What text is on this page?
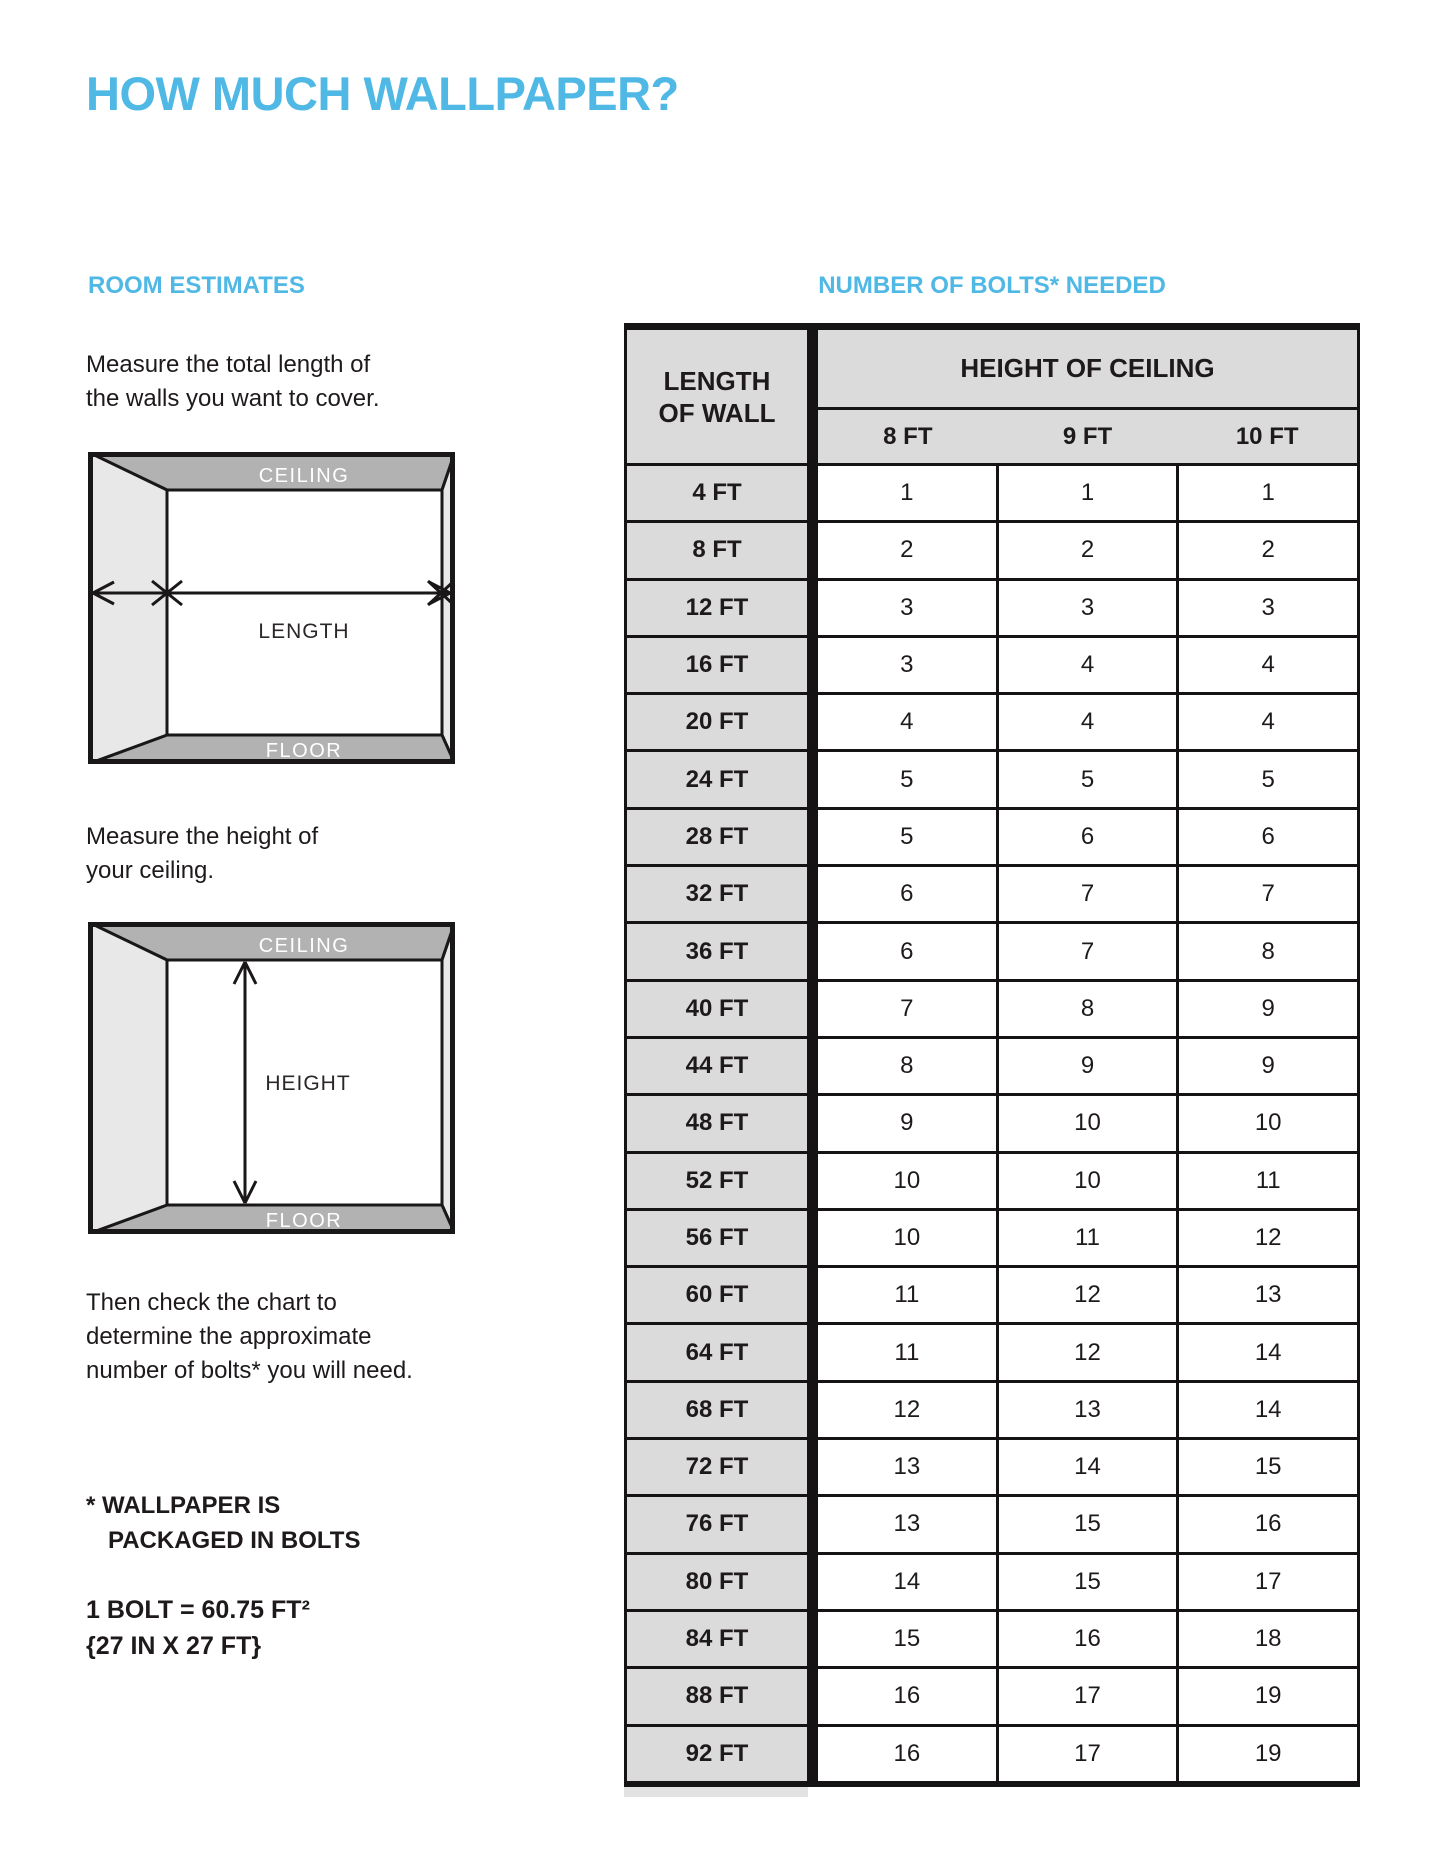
HOW MUCH WALLPAPER?
ROOM ESTIMATES	NUMBER OF BOLTS* NEEDED
Measure the total length of
the walls you want to cover.
CEILING
FLOOR
LENGTH
Measure the height of
your ceiling.
CEILING
FLOOR
HEIGHT
Then check the chart to
determine the approximate
number of bolts* you will need.
* WALLPAPER IS
PACKAGED IN BOLTS
1 BOLT = 60.75 FT²
{27 IN X 27 FT}
LENGTH
OF WALL
HEIGHT OF CEILING
8 FT	9 FT	10 FT
4 FT	1	1	1
8 FT	2	2	2
12 FT	3	3	3
16 FT	3	4	4
20 FT	4	4	4
24 FT	5	5	5
28 FT	5	6	6
32 FT	6	7	7
36 FT	6	7	8
40 FT	7	8	9
44 FT	8	9	9
48 FT	9	10	10
52 FT	10	10	11
56 FT	10	11	12
60 FT	11	12	13
64 FT	11	12	14
68 FT	12	13	14
72 FT	13	14	15
76 FT	13	15	16
80 FT	14	15	17
84 FT	15	16	18
88 FT	16	17	19
92 FT	16	17	19
